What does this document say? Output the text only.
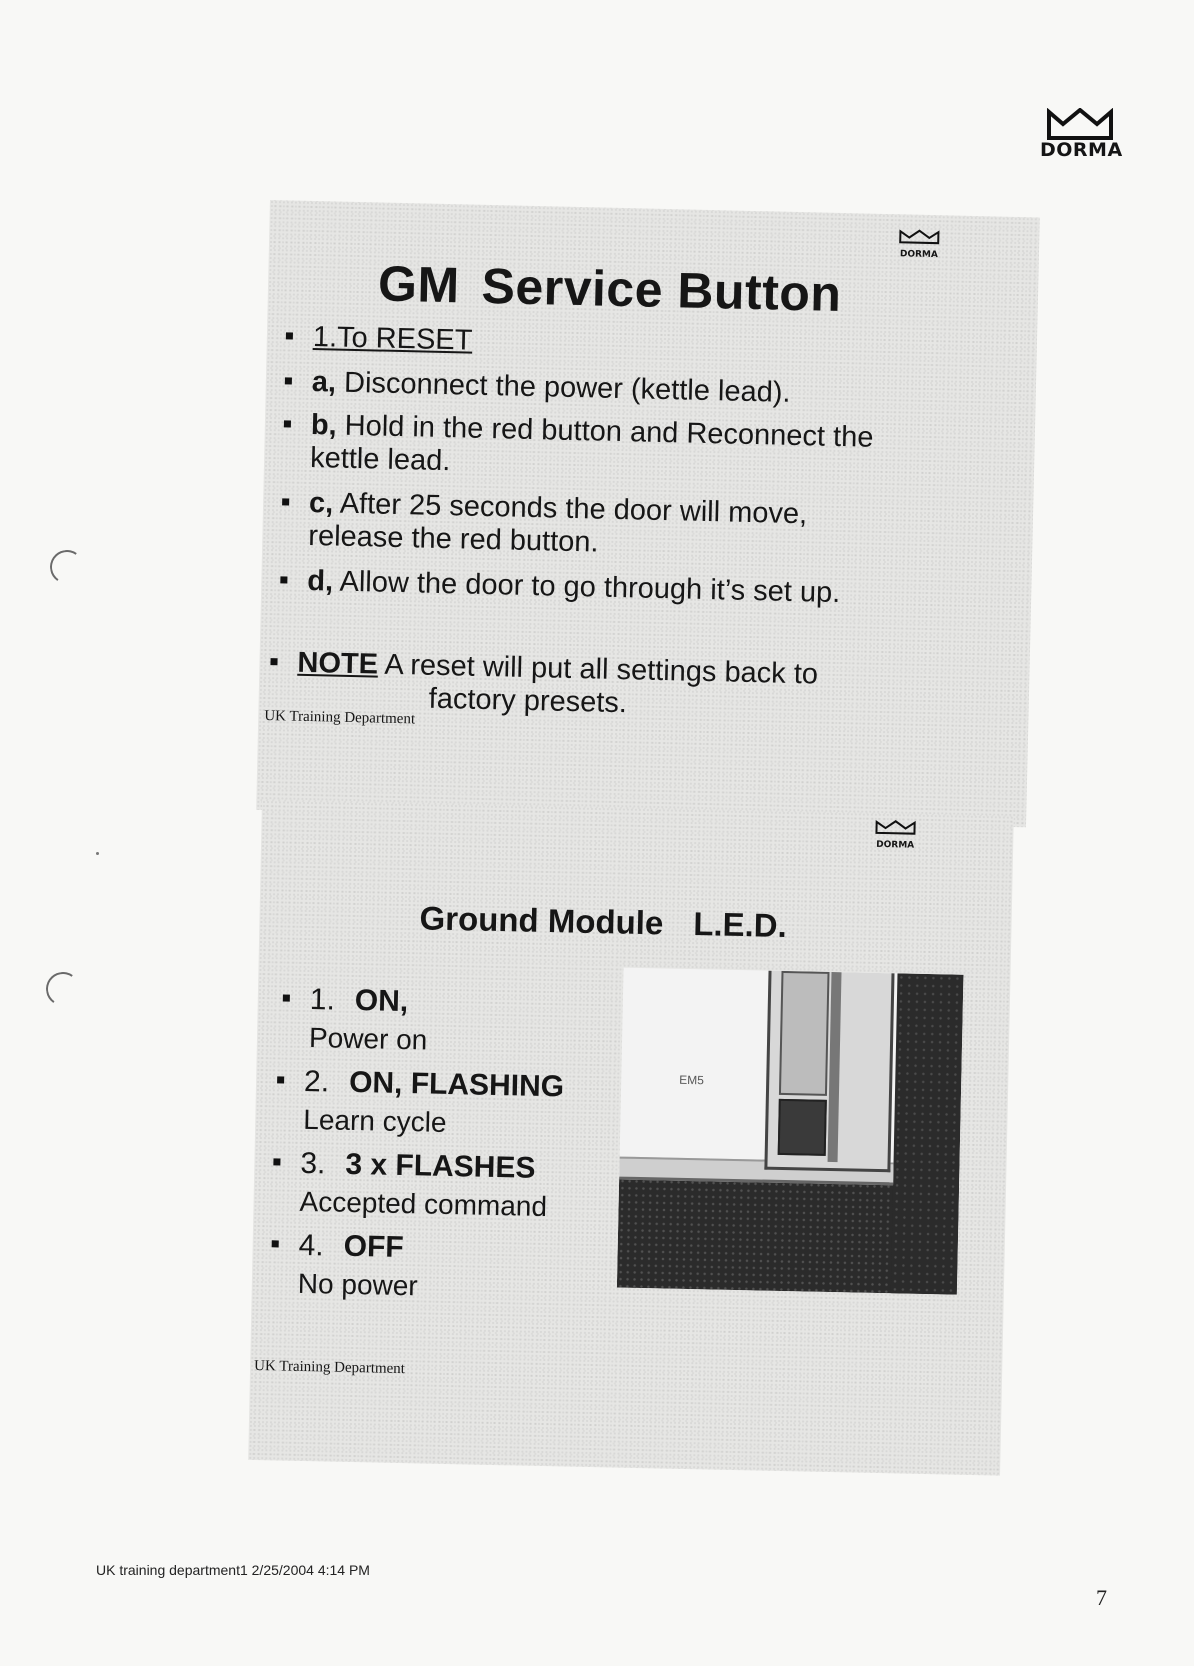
DORMA
DORMA
GM Service Button
1.To RESET
a, Disconnect the power (kettle lead).
b, Hold in the red button and Reconnect the
kettle lead.
c, After 25 seconds the door will move,
release the red button.
d, Allow the door to go through it’s set up.
NOTE A reset will put all settings back to
factory presets.
UK Training Department
DORMA
Ground Module L.E.D.
1. ON,
Power on
2. ON, FLASHING
Learn cycle
3. 3 x FLASHES
Accepted command
4. OFF
No power
EM5
UK Training Department
UK training department1 2/25/2004 4:14 PM
7
